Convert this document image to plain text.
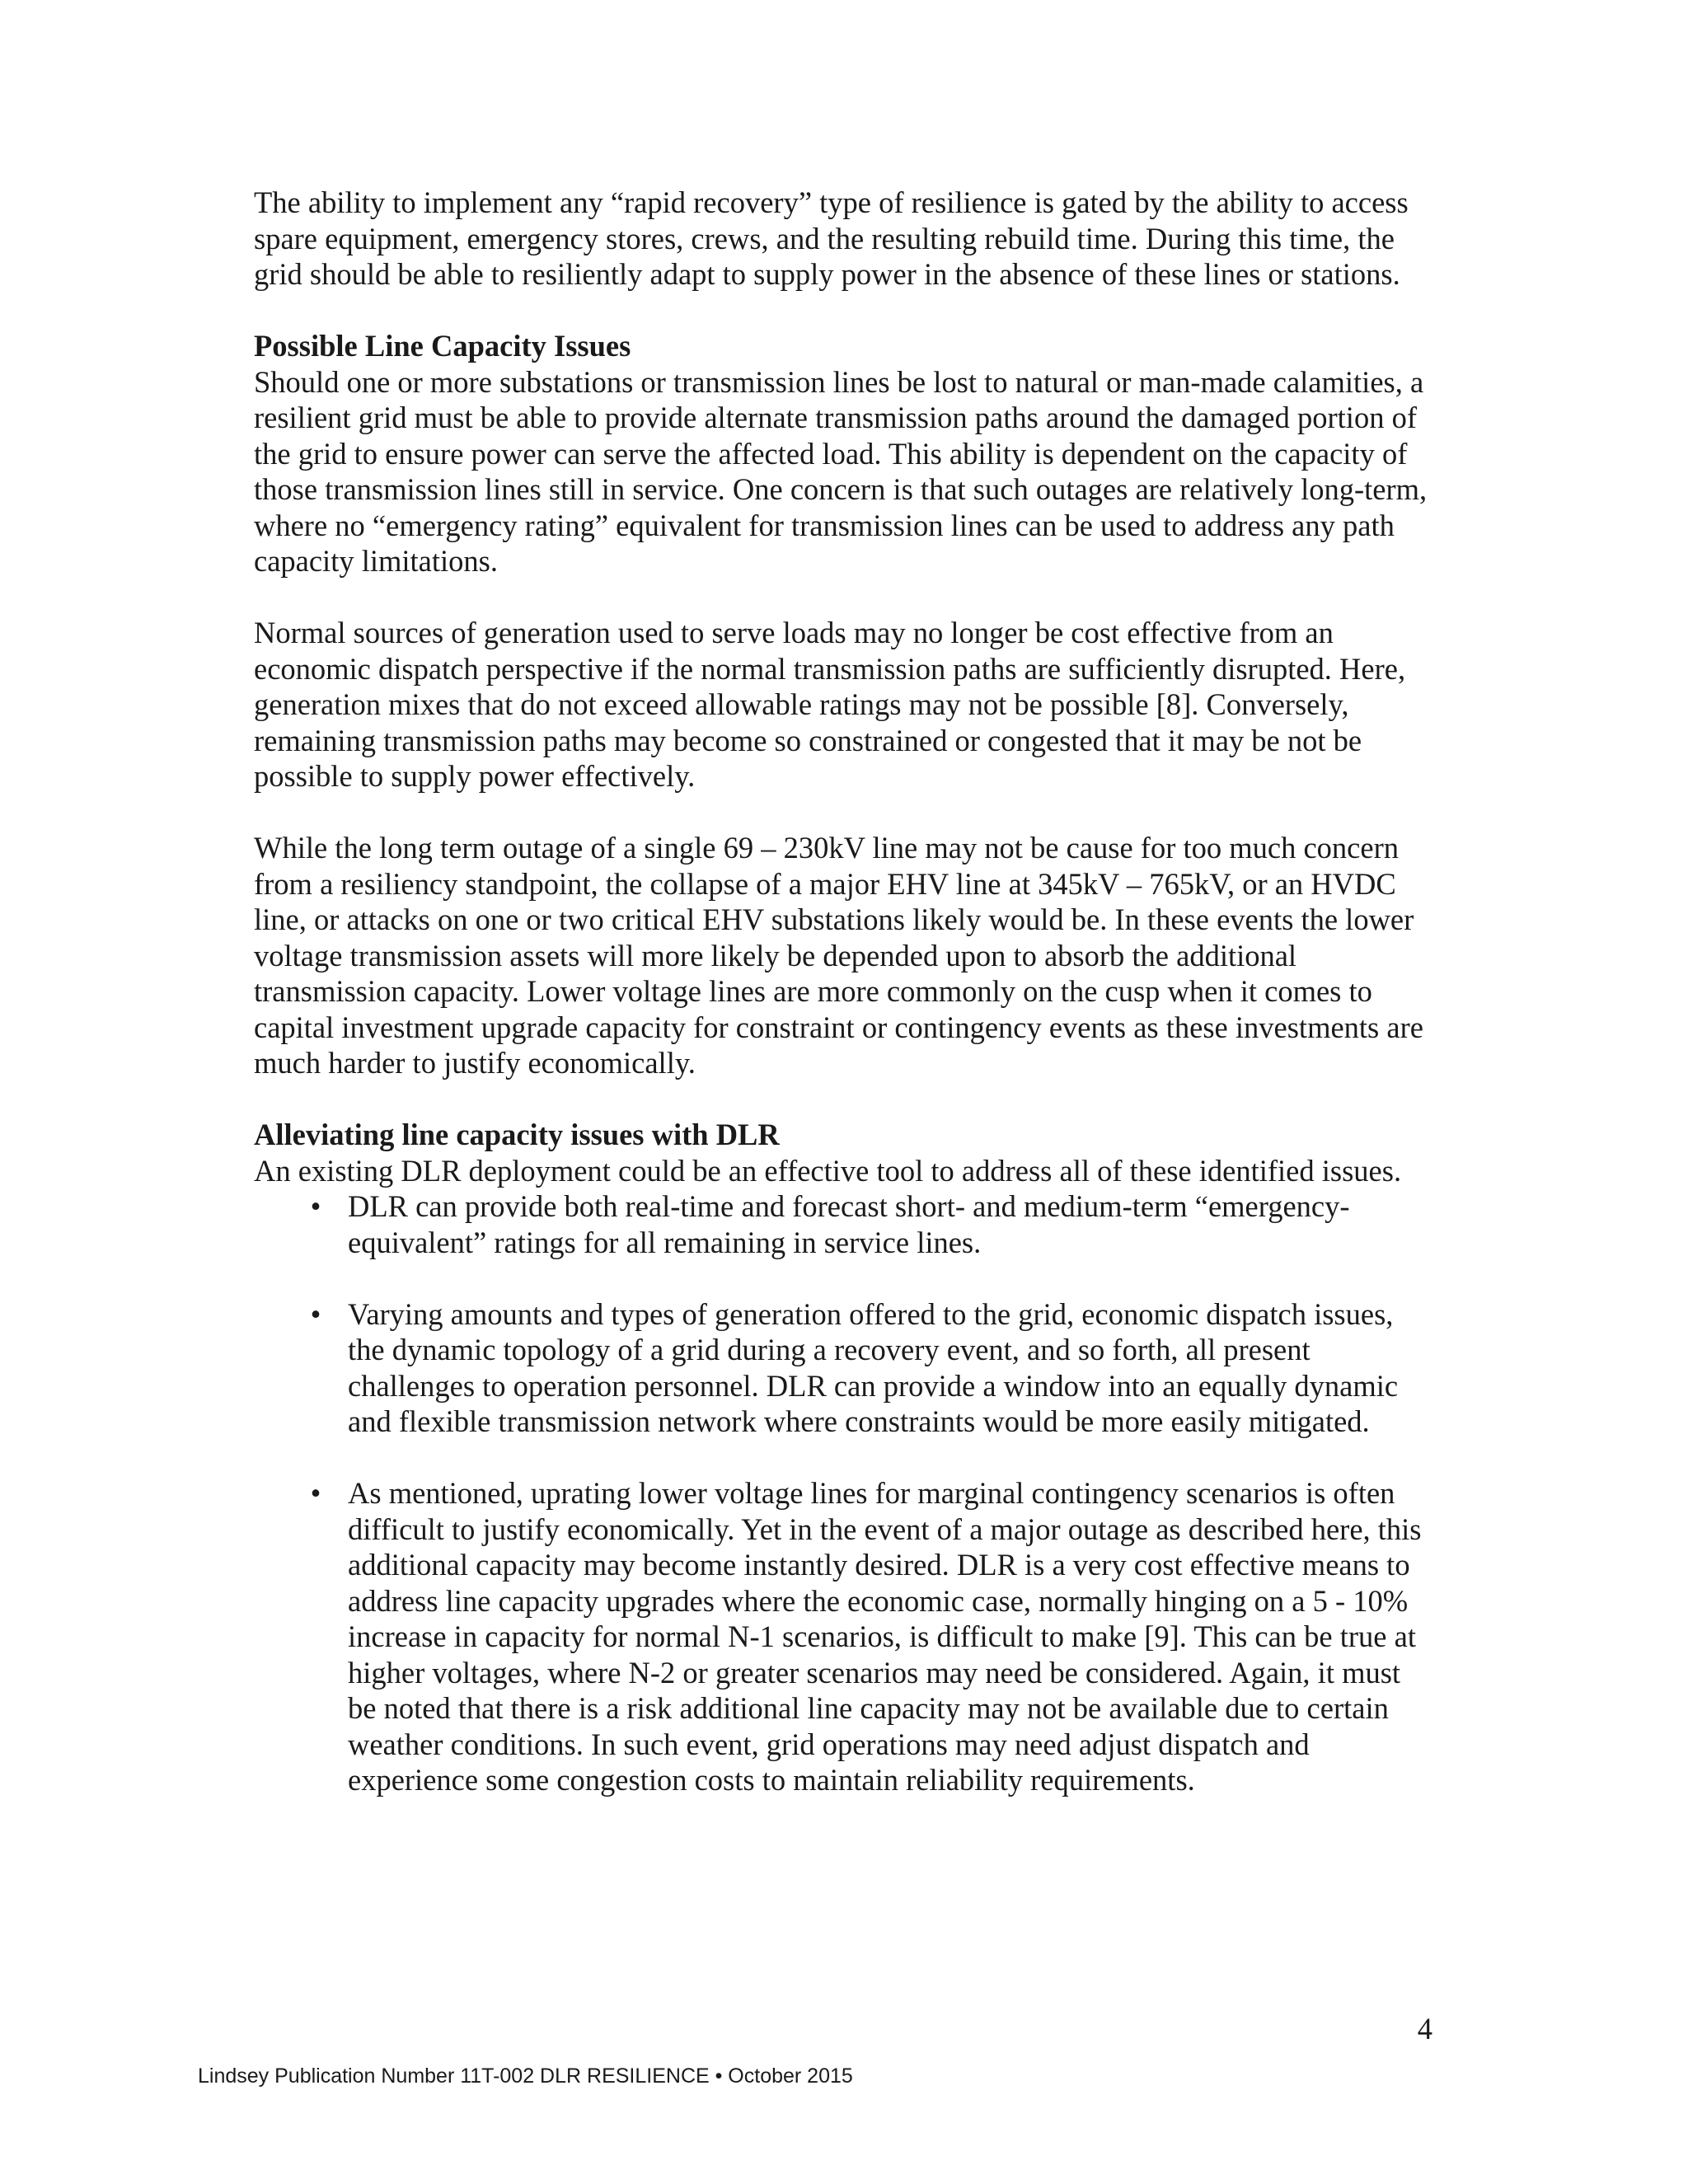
The ability to implement any “rapid recovery” type of resilience is gated by the ability to access spare equipment, emergency stores, crews, and the resulting rebuild time. During this time, the grid should be able to resiliently adapt to supply power in the absence of these lines or stations.

Possible Line Capacity Issues
Should one or more substations or transmission lines be lost to natural or man-made calamities, a resilient grid must be able to provide alternate transmission paths around the damaged portion of the grid to ensure power can serve the affected load. This ability is dependent on the capacity of those transmission lines still in service. One concern is that such outages are relatively long-term, where no “emergency rating” equivalent for transmission lines can be used to address any path capacity limitations.

Normal sources of generation used to serve loads may no longer be cost effective from an economic dispatch perspective if the normal transmission paths are sufficiently disrupted. Here, generation mixes that do not exceed allowable ratings may not be possible [8]. Conversely, remaining transmission paths may become so constrained or congested that it may be not be possible to supply power effectively.

While the long term outage of a single 69 – 230kV line may not be cause for too much concern from a resiliency standpoint, the collapse of a major EHV line at 345kV – 765kV, or an HVDC line, or attacks on one or two critical EHV substations likely would be. In these events the lower voltage transmission assets will more likely be depended upon to absorb the additional transmission capacity. Lower voltage lines are more commonly on the cusp when it comes to capital investment upgrade capacity for constraint or contingency events as these investments are much harder to justify economically.

Alleviating line capacity issues with DLR
An existing DLR deployment could be an effective tool to address all of these identified issues.

• DLR can provide both real-time and forecast short- and medium-term “emergency-equivalent” ratings for all remaining in service lines.
• Varying amounts and types of generation offered to the grid, economic dispatch issues, the dynamic topology of a grid during a recovery event, and so forth, all present challenges to operation personnel. DLR can provide a window into an equally dynamic and flexible transmission network where constraints would be more easily mitigated.
• As mentioned, uprating lower voltage lines for marginal contingency scenarios is often difficult to justify economically. Yet in the event of a major outage as described here, this additional capacity may become instantly desired. DLR is a very cost effective means to address line capacity upgrades where the economic case, normally hinging on a 5 - 10% increase in capacity for normal N-1 scenarios, is difficult to make [9]. This can be true at higher voltages, where N-2 or greater scenarios may need be considered. Again, it must be noted that there is a risk additional line capacity may not be available due to certain weather conditions. In such event, grid operations may need adjust dispatch and experience some congestion costs to maintain reliability requirements.
4
Lindsey Publication Number 11T-002 DLR RESILIENCE • October 2015
